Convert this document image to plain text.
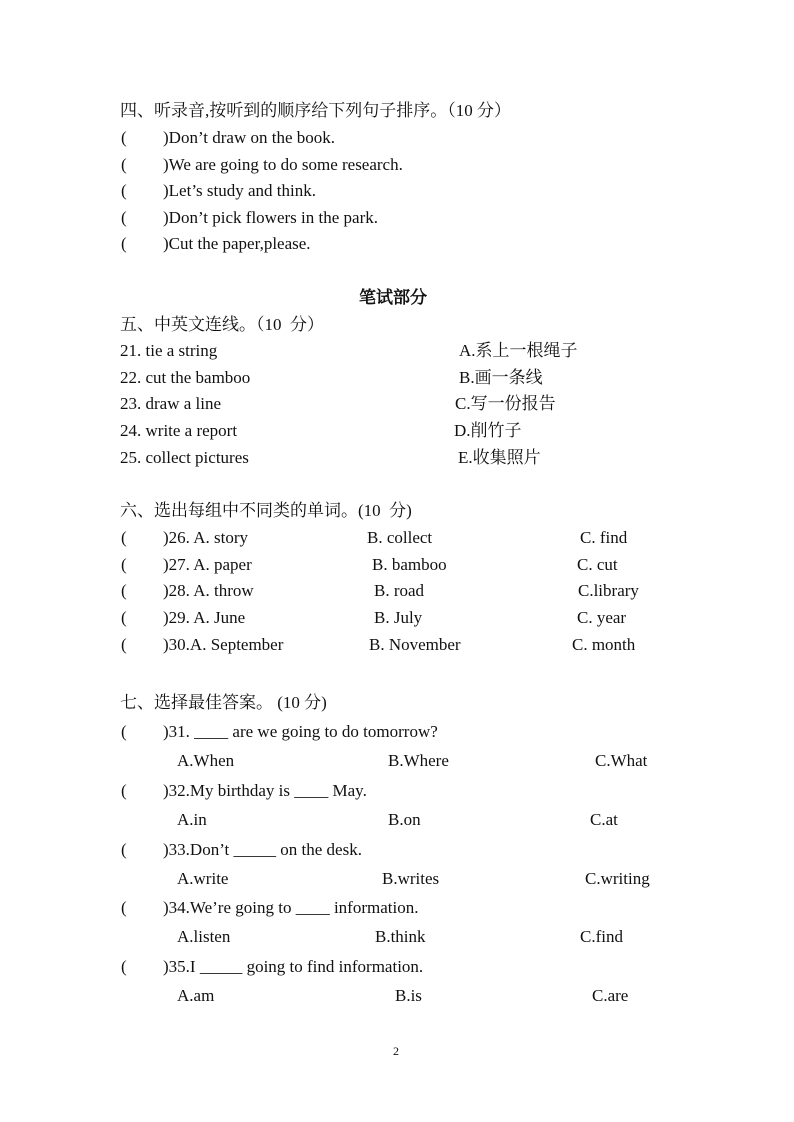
四、听录音,按听到的顺序给下列句子排序。（10 分）
( )Don’t draw on the book.
( )We are going to do some research.
( )Let’s study and think.
( )Don’t pick flowers in the park.
( )Cut the paper,please.
笔试部分
五、中英文连线。（10  分）
21. tie a string	A.系上一根绳子
22. cut the bamboo	B.画一条线
23. draw a line	C.写一份报告
24. write a report	D.削竹子
25. collect pictures	E.收集照片
六、选出每组中不同类的单词。(10  分)
( )26. A. story	B. collect	C. find
( )27. A. paper	B. bamboo	C. cut
( )28. A. throw	B. road	C.library
( )29. A. June	B. July	C. year
( )30.A. September	B. November	C. month
七、选择最佳答案。 (10 分)
( )31. ____ are we going to do tomorrow?
A.When	B.Where	C.What
( )32.My birthday is ____ May.
A.in	B.on	C.at
( )33.Don’t _____ on the desk.
A.write	B.writes	C.writing
( )34.We’re going to ____ information.
A.listen	B.think	C.find
( )35.I _____ going to find information.
A.am	B.is	C.are
2
